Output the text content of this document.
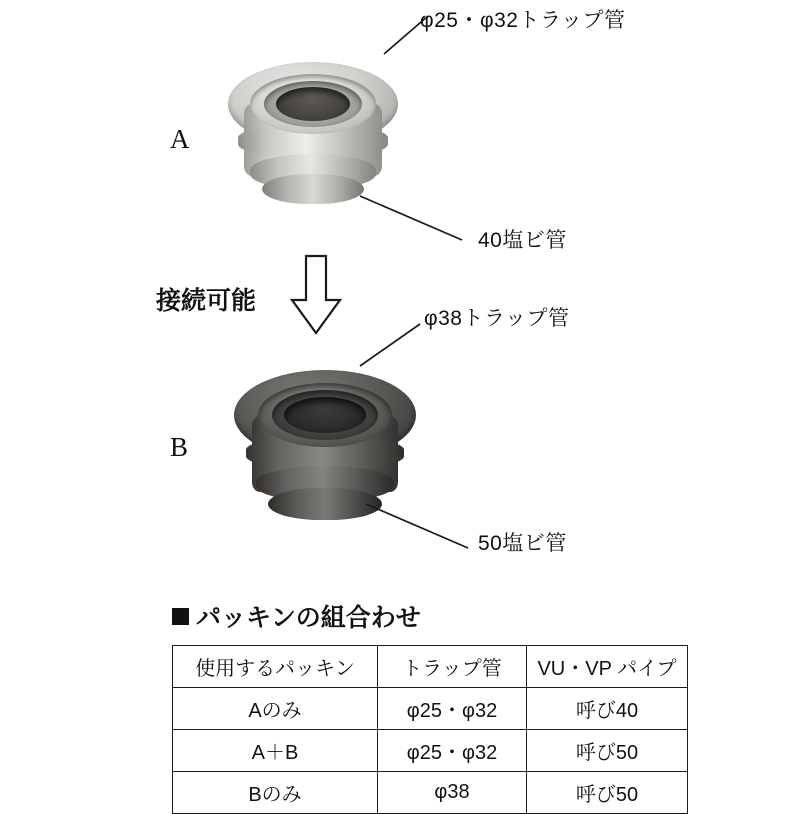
A
φ25・φ32トラップ管
40塩ビ管
接続可能
B
φ38トラップ管
50塩ビ管
パッキンの組合わせ
使用するパッキン	トラップ管	VU・VP パイプ
Aのみ	φ25・φ32	呼び40
A＋B	φ25・φ32	呼び50
Bのみ	φ38	呼び50
